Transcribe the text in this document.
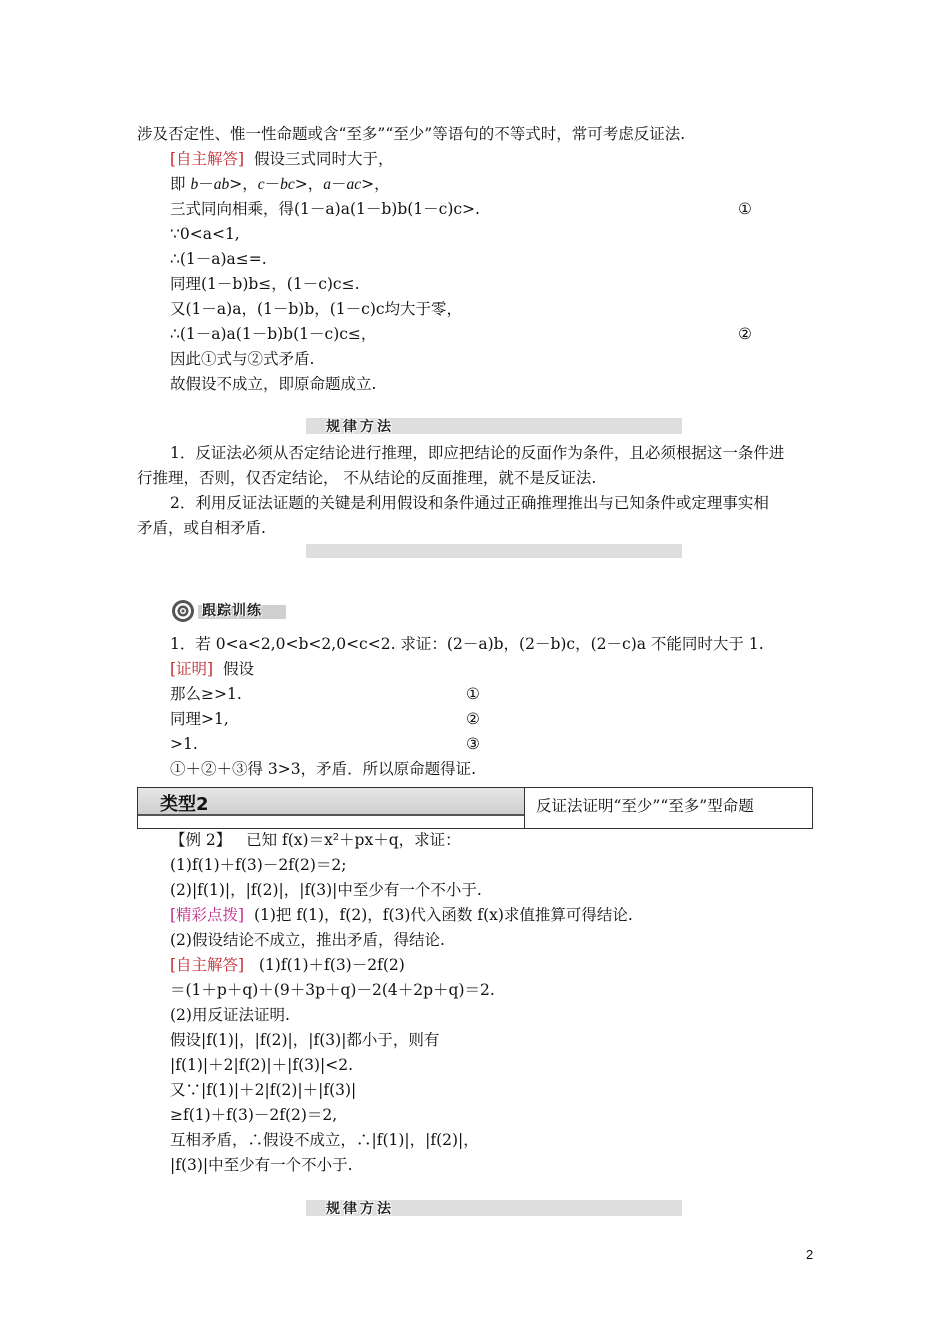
涉及否定性、惟一性命题或含“至多”“至少”等语句的不等式时，常可考虑反证法.
[自主解答] 假设三式同时大于，
即 b－ab>，c－bc>，a－ac>，
三式同向相乘，得(1－a)a(1－b)b(1－c)c>.	①
∵0<a<1,
∴(1－a)a≤=.
同理(1－b)b≤，(1－c)c≤.
又(1－a)a，(1－b)b，(1－c)c均大于零，
∴(1－a)a(1－b)b(1－c)c≤，	②
因此①式与②式矛盾.
故假设不成立，即原命题成立.
规律方法
1．反证法必须从否定结论进行推理，即应把结论的反面作为条件，且必须根据这一条件进
行推理，否则，仅否定结论， 不从结论的反面推理，就不是反证法.
2．利用反证法证题的关键是利用假设和条件通过正确推理推出与已知条件或定理事实相
矛盾，或自相矛盾.
跟踪训练
1．若 0<a<2,0<b<2,0<c<2. 求证：(2－a)b，(2－b)c，(2－c)a 不能同时大于 1.
[证明] 假设
那么≥>1.	①
同理>1,	②
>1.	③
①＋②＋③得 3>3，矛盾．所以原命题得证.
类型2	反证法证明“至少”“至多”型命题
【例 2】 已知 f(x)＝x²＋px＋q，求证：
(1)f(1)＋f(3)－2f(2)＝2;
(2)|f(1)|，|f(2)|，|f(3)|中至少有一个不小于.
[精彩点拨] (1)把 f(1)，f(2)，f(3)代入函数 f(x)求值推算可得结论.
(2)假设结论不成立，推出矛盾，得结论.
[自主解答] (1)f(1)＋f(3)－2f(2)
＝(1＋p＋q)＋(9＋3p＋q)－2(4＋2p＋q)＝2.
(2)用反证法证明.
假设|f(1)|，|f(2)|，|f(3)|都小于，则有
|f(1)|＋2|f(2)|＋|f(3)|<2.
又∵|f(1)|＋2|f(2)|＋|f(3)|
≥f(1)＋f(3)－2f(2)＝2,
互相矛盾，∴假设不成立，∴|f(1)|，|f(2)|，
|f(3)|中至少有一个不小于.
规律方法
2
